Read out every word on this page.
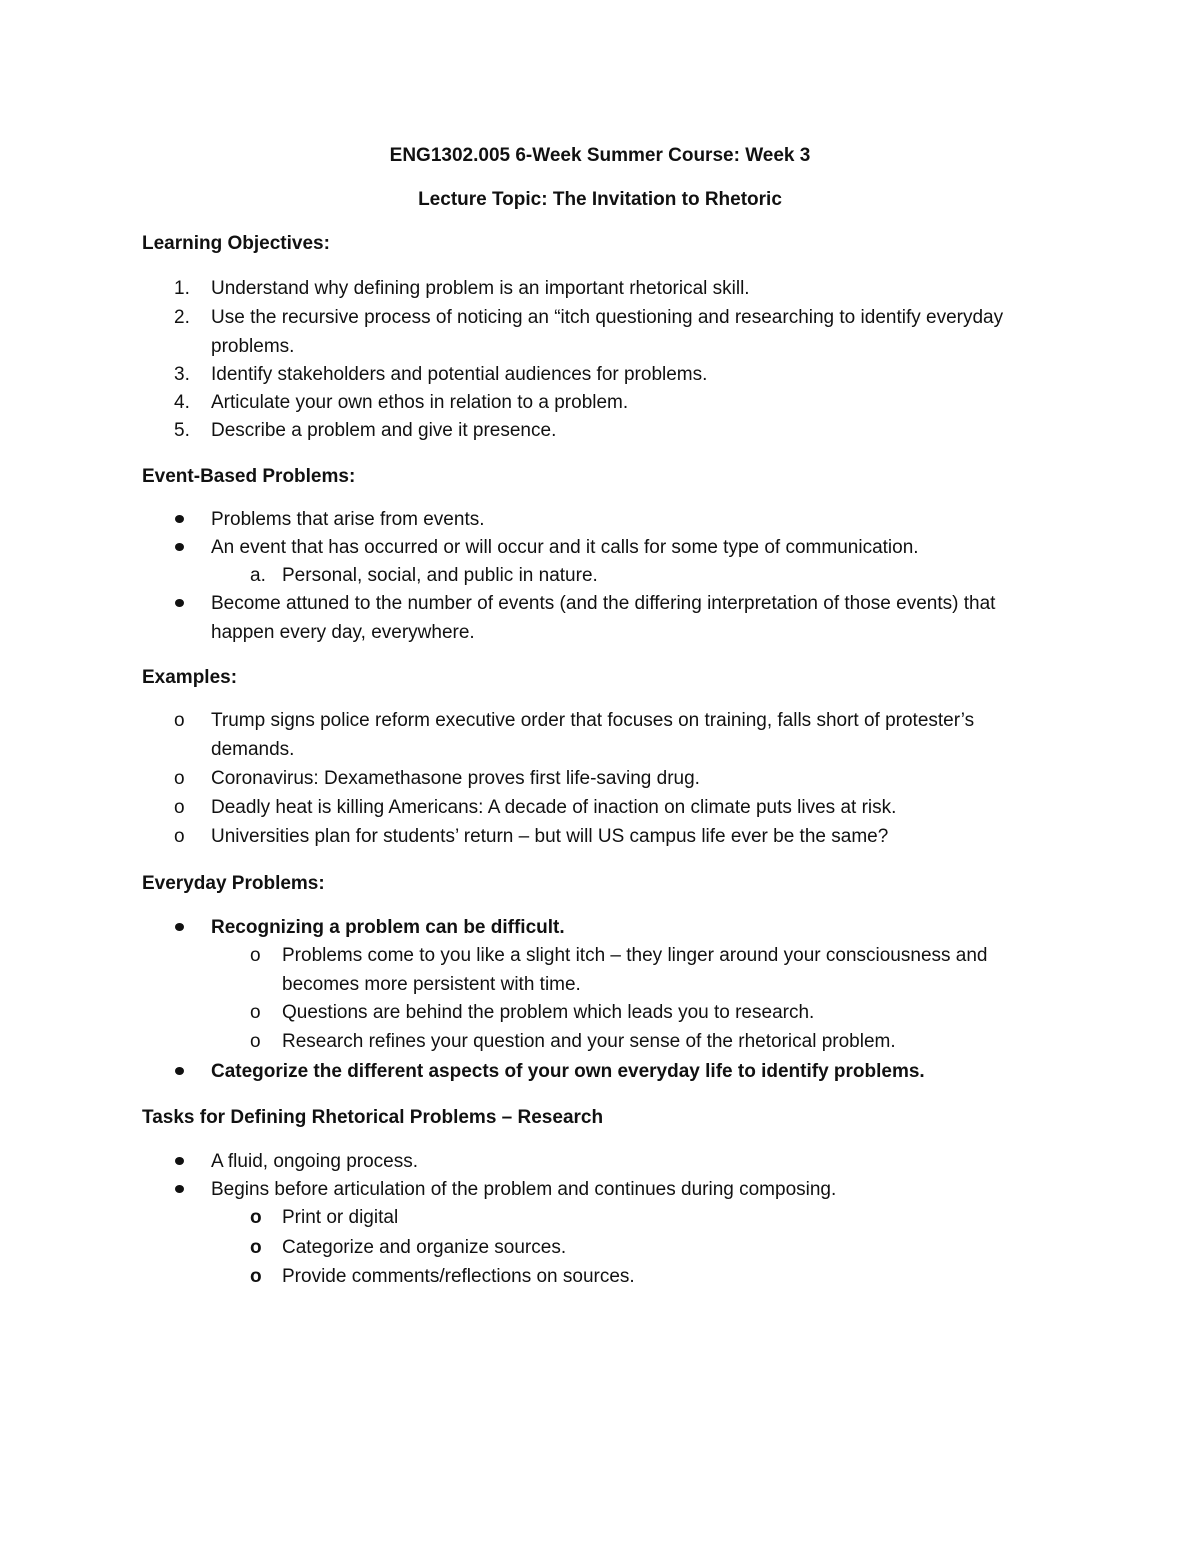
ENG1302.005 6-Week Summer Course: Week 3
Lecture Topic: The Invitation to Rhetoric
Learning Objectives:
1. Understand why defining problem is an important rhetorical skill.
2. Use the recursive process of noticing an “itch questioning and researching to identify everyday problems.
3. Identify stakeholders and potential audiences for problems.
4. Articulate your own ethos in relation to a problem.
5. Describe a problem and give it presence.
Event-Based Problems:
Problems that arise from events.
An event that has occurred or will occur and it calls for some type of communication.
a. Personal, social, and public in nature.
Become attuned to the number of events (and the differing interpretation of those events) that happen every day, everywhere.
Examples:
o Trump signs police reform executive order that focuses on training, falls short of protester’s demands.
o Coronavirus: Dexamethasone proves first life-saving drug.
o Deadly heat is killing Americans: A decade of inaction on climate puts lives at risk.
o Universities plan for students’ return – but will US campus life ever be the same?
Everyday Problems:
Recognizing a problem can be difficult.
o Problems come to you like a slight itch – they linger around your consciousness and becomes more persistent with time.
o Questions are behind the problem which leads you to research.
o Research refines your question and your sense of the rhetorical problem.
Categorize the different aspects of your own everyday life to identify problems.
Tasks for Defining Rhetorical Problems – Research
A fluid, ongoing process.
Begins before articulation of the problem and continues during composing.
o Print or digital
o Categorize and organize sources.
o Provide comments/reflections on sources.
